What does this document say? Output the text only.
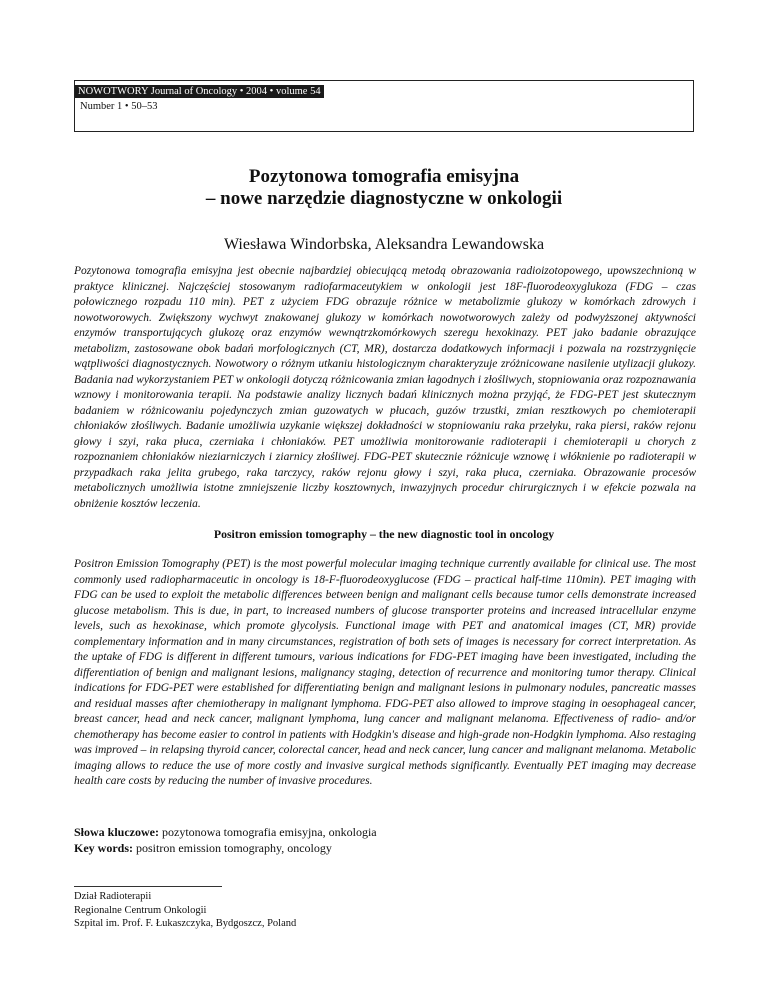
NOWOTWORY Journal of Oncology • 2004 • volume 54
Number 1 • 50–53
Pozytonowa tomografia emisyjna
– nowe narzędzie diagnostyczne w onkologii
Wiesława Windorbska, Aleksandra Lewandowska

Pozytonowa tomografia emisyjna jest obecnie najbardziej obiecującą metodą obrazowania radioizotopowego, upowszechnioną w praktyce klinicznej. Najczęściej stosowanym radiofarmaceutykiem w onkologii jest 18F-fluorodeoxyglukoza (FDG – czas połowicznego rozpadu 110 min). PET z użyciem FDG obrazuje różnice w metabolizmie glukozy w komórkach zdrowych i nowotworowych. Zwiększony wychwyt znakowanej glukozy w komórkach nowotworowych zależy od podwyższonej aktywności enzymów transportujących glukozę oraz enzymów wewnątrzkomórkowych szeregu hexokinazy. PET jako badanie obrazujące metabolizm, zastosowane obok badań morfologicznych (CT, MR), dostarcza dodatkowych informacji i pozwala na rozstrzygnięcie wątpliwości diagnostycznych. Nowotwory o różnym utkaniu histologicznym charakteryzuje zróżnicowane nasilenie utylizacji glukozy. Badania nad wykorzystaniem PET w onkologii dotyczą różnicowania zmian łagodnych i złośliwych, stopniowania oraz rozpoznawania wznowy i monitorowania terapii. Na podstawie analizy licznych badań klinicznych można przyjąć, że FDG-PET jest skutecznym badaniem w różnicowaniu pojedynczych zmian guzowatych w płucach, guzów trzustki, zmian resztkowych po chemioterapii chłoniaków złośliwych. Badanie umożliwia uzykanie większej dokładności w stopniowaniu raka przełyku, raka piersi, raków rejonu głowy i szyi, raka płuca, czerniaka i chłoniaków. PET umożliwia monitorowanie radioterapii i chemioterapii u chorych z rozpoznaniem chłoniaków nieziarniczych i ziarnicy złośliwej. FDG-PET skutecznie różnicuje wznowę i włóknienie po radioterapii w przypadkach raka jelita grubego, raka tarczycy, raków rejonu głowy i szyi, raka płuca, czerniaka. Obrazowanie procesów metabolicznych umożliwia istotne zmniejszenie liczby kosztownych, inwazyjnych procedur chirurgicznych i w efekcie pozwala na obniżenie kosztów leczenia.

Positron emission tomography – the new diagnostic tool in oncology

Positron Emission Tomography (PET) is the most powerful molecular imaging technique currently available for clinical use. The most commonly used radiopharmaceutic in oncology is 18-F-fluorodeoxyglucose (FDG – practical half-time 110min). PET imaging with FDG can be used to exploit the metabolic differences between benign and malignant cells because tumor cells demonstrate increased glucose metabolism. This is due, in part, to increased numbers of glucose transporter proteins and increased intracellular enzyme levels, such as hexokinase, which promote glycolysis. Functional image with PET and anatomical images (CT, MR) provide complementary information and in many circumstances, registration of both sets of images is necessary for correct interpretation. As the uptake of FDG is different in different tumours, various indications for FDG-PET imaging have been investigated, including the differentiation of benign and malignant lesions, malignancy staging, detection of recurrence and monitoring tumor therapy. Clinical indications for FDG-PET were established for differentiating benign and malignant lesions in pulmonary nodules, pancreatic masses and residual masses after chemiotherapy in malignant lymphoma. FDG-PET also allowed to improve staging in oesophageal cancer, breast cancer, head and neck cancer, malignant lymphoma, lung cancer and malignant melanoma. Effectiveness of radio- and/or chemotherapy has become easier to control in patients with Hodgkin's disease and high-grade non-Hodgkin lymphoma. Also restaging was improved – in relapsing thyroid cancer, colorectal cancer, head and neck cancer, lung cancer and malignant melanoma. Metabolic imaging allows to reduce the use of more costly and invasive surgical methods significantly. Eventually PET imaging may decrease health care costs by reducing the number of invasive procedures.

Słowa kluczowe: pozytonowa tomografia emisyjna, onkologia
Key words: positron emission tomography, oncology
Dział Radioterapii
Regionalne Centrum Onkologii
Szpital im. Prof. F. Łukaszczyka, Bydgoszcz, Poland
